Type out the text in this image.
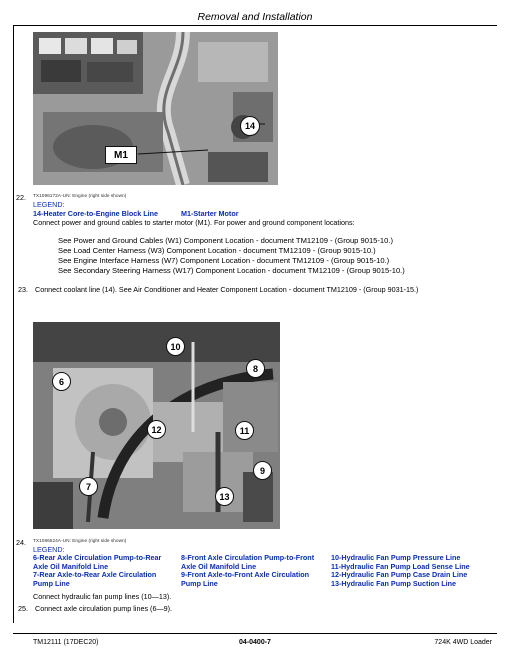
Removal and Installation
M1
14
22. TX1096172A-UN: Engine (right side shown)
LEGEND:
14-Heater Core-to-Engine Block Line	M1-Starter Motor
Connect power and ground cables to starter motor (M1). For power and ground component locations:
See Power and Ground Cables (W1) Component Location - document TM12109 - (Group 9015-10.)
See Load Center Harness (W3) Component Location - document TM12109 - (Group 9015-10.)
See Engine Interface Harness (W7) Component Location - document TM12109 - (Group 9015-10.)
See Secondary Steering Harness (W17) Component Location - document TM12109 - (Group 9015-10.)
23. Connect coolant line (14). See Air Conditioner and Heater Component Location - document TM12109 - (Group 9031-15.)
10
8
6
12	11
9
7
13
24. TX1086524A-UN: Engine (right side shown)
LEGEND:
6-Rear Axle Circulation Pump-to-Rear Axle Oil Manifold Line
7-Rear Axle-to-Rear Axle Circulation Pump Line
8-Front Axle Circulation Pump-to-Front Axle Oil Manifold Line
9-Front Axle-to-Front Axle Circulation Pump Line
10-Hydraulic Fan Pump Pressure Line
11-Hydraulic Fan Pump Load Sense Line
12-Hydraulic Fan Pump Case Drain Line
13-Hydraulic Fan Pump Suction Line
Connect hydraulic fan pump lines (10—13).
25. Connect axle circulation pump lines (6—9).
TM12111 (17DEC20)	04-0400-7	724K 4WD Loader
